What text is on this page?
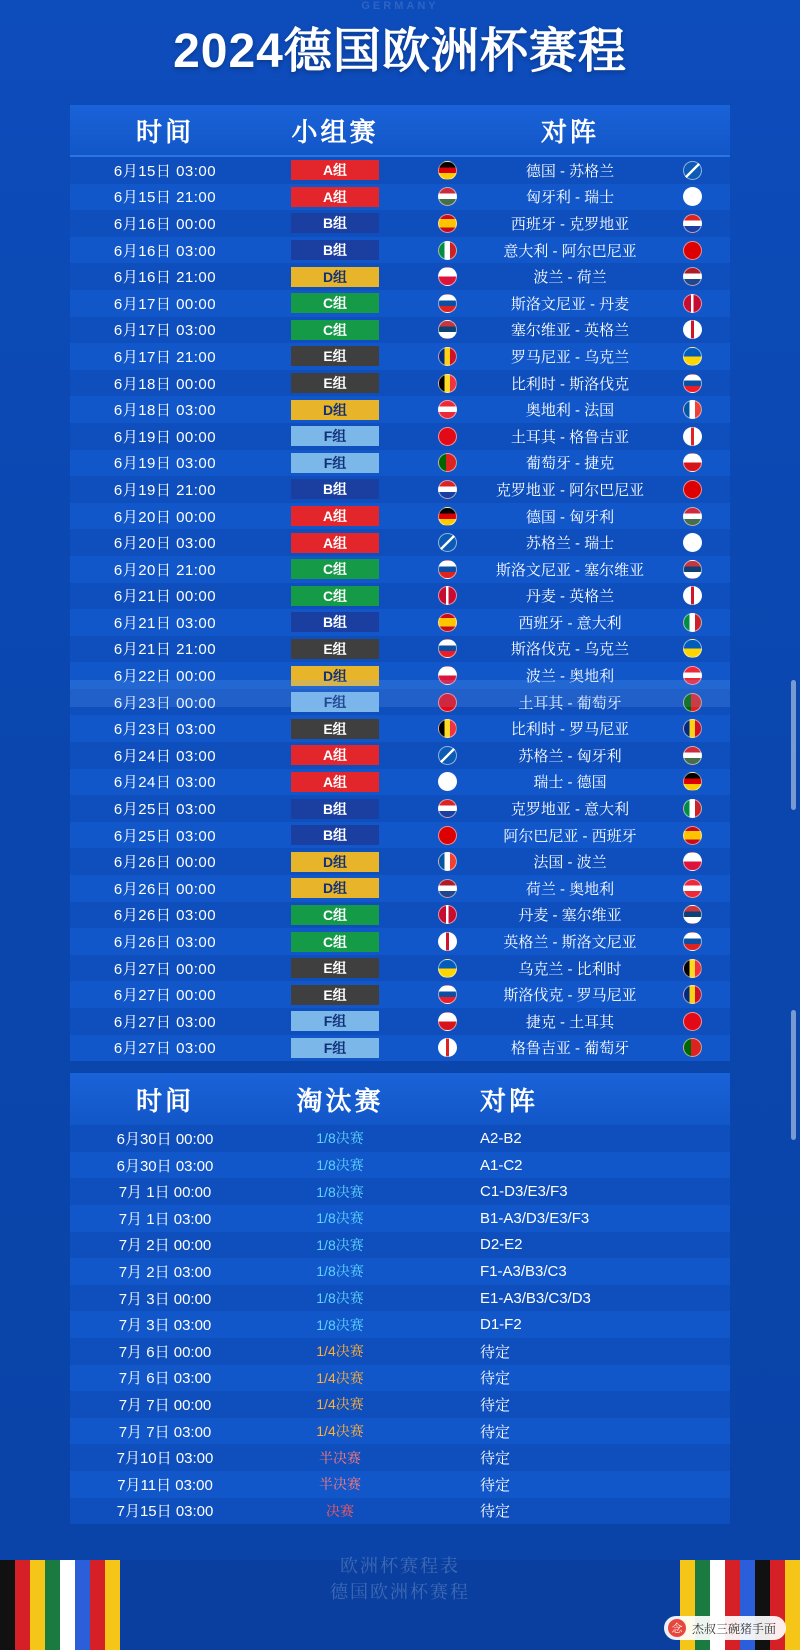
GERMANY
2024德国欧洲杯赛程
时间	小组赛	对阵
6月15日 03:00	A组	德国 - 苏格兰
6月15日 21:00	A组	匈牙利 - 瑞士
6月16日 00:00	B组	西班牙 - 克罗地亚
6月16日 03:00	B组	意大利 - 阿尔巴尼亚
6月16日 21:00	D组	波兰 - 荷兰
6月17日 00:00	C组	斯洛文尼亚 - 丹麦
6月17日 03:00	C组	塞尔维亚 - 英格兰
6月17日 21:00	E组	罗马尼亚 - 乌克兰
6月18日 00:00	E组	比利时 - 斯洛伐克
6月18日 03:00	D组	奥地利 - 法国
6月19日 00:00	F组	土耳其 - 格鲁吉亚
6月19日 03:00	F组	葡萄牙 - 捷克
6月19日 21:00	B组	克罗地亚 - 阿尔巴尼亚
6月20日 00:00	A组	德国 - 匈牙利
6月20日 03:00	A组	苏格兰 - 瑞士
6月20日 21:00	C组	斯洛文尼亚 - 塞尔维亚
6月21日 00:00	C组	丹麦 - 英格兰
6月21日 03:00	B组	西班牙 - 意大利
6月21日 21:00	E组	斯洛伐克 - 乌克兰
6月22日 00:00	D组	波兰 - 奥地利
6月23日 00:00	F组	土耳其 - 葡萄牙
6月23日 03:00	E组	比利时 - 罗马尼亚
6月24日 03:00	A组	苏格兰 - 匈牙利
6月24日 03:00	A组	瑞士 - 德国
6月25日 03:00	B组	克罗地亚 - 意大利
6月25日 03:00	B组	阿尔巴尼亚 - 西班牙
6月26日 00:00	D组	法国 - 波兰
6月26日 00:00	D组	荷兰 - 奥地利
6月26日 03:00	C组	丹麦 - 塞尔维亚
6月26日 03:00	C组	英格兰 - 斯洛文尼亚
6月27日 00:00	E组	乌克兰 - 比利时
6月27日 00:00	E组	斯洛伐克 - 罗马尼亚
6月27日 03:00	F组	捷克 - 土耳其
6月27日 03:00	F组	格鲁吉亚 - 葡萄牙
时间	淘汰赛	对阵
6月30日 00:00	1/8决赛	A2-B2
6月30日 03:00	1/8决赛	A1-C2
7月 1日 00:00	1/8决赛	C1-D3/E3/F3
7月 1日 03:00	1/8决赛	B1-A3/D3/E3/F3
7月 2日 00:00	1/8决赛	D2-E2
7月 2日 03:00	1/8决赛	F1-A3/B3/C3
7月 3日 00:00	1/8决赛	E1-A3/B3/C3/D3
7月 3日 03:00	1/8决赛	D1-F2
7月 6日 00:00	1/4决赛	待定
7月 6日 03:00	1/4决赛	待定
7月 7日 00:00	1/4决赛	待定
7月 7日 03:00	1/4决赛	待定
7月10日 03:00	半决赛	待定
7月11日 03:00	半决赛	待定
7月15日 03:00	决赛	待定
欧洲杯赛程表
德国欧洲杯赛程
念 杰叔三碗猪手面
